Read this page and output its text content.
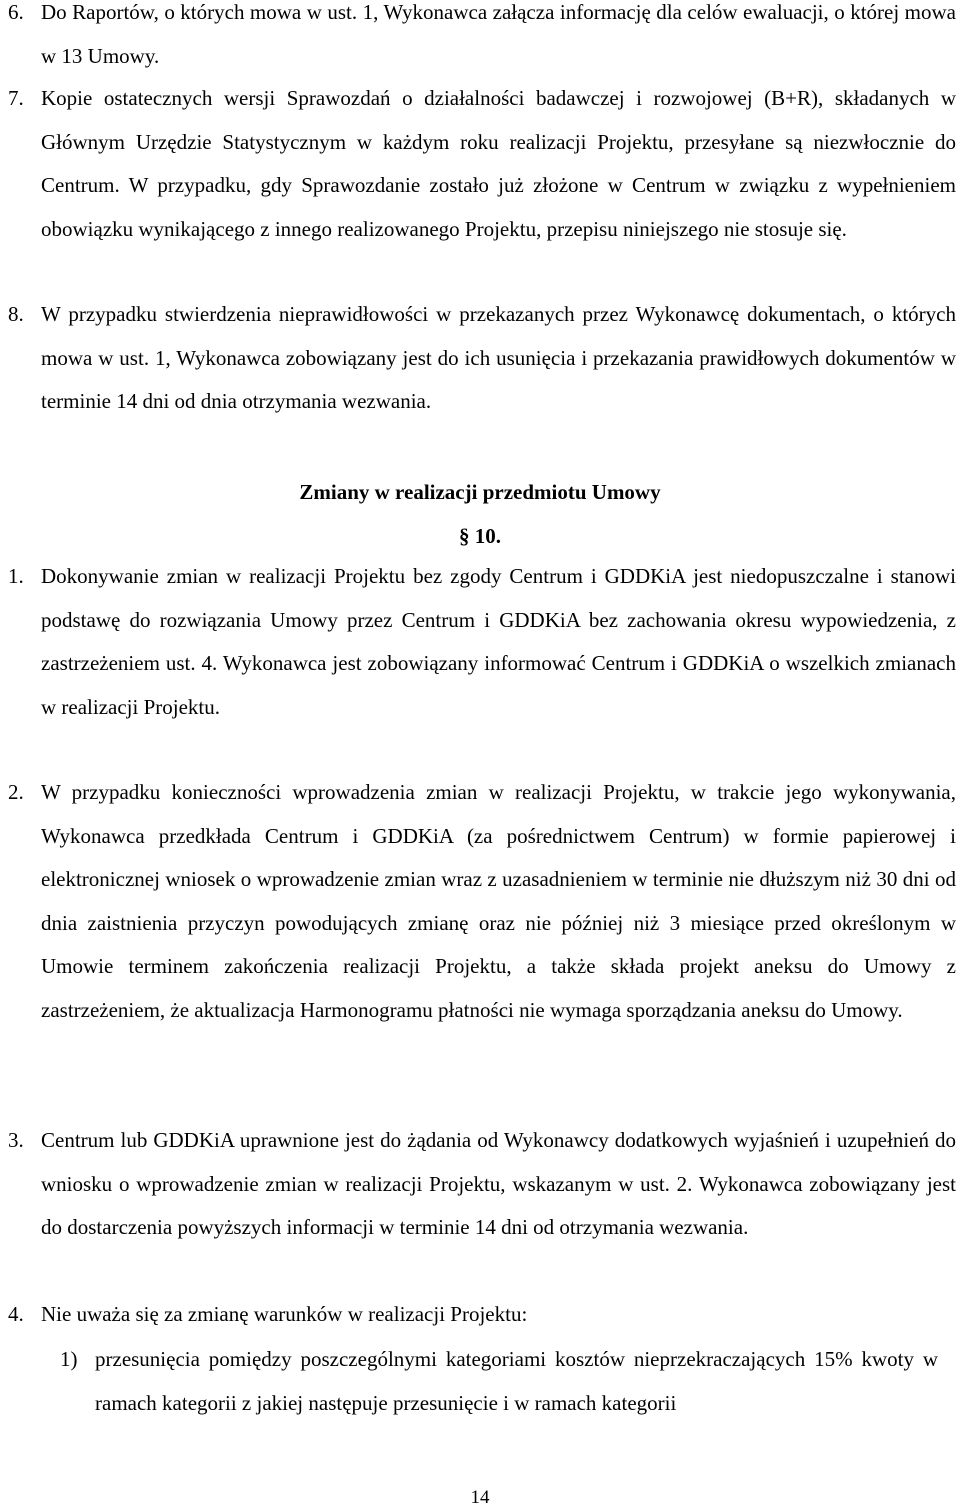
6. Do Raportów, o których mowa w ust. 1, Wykonawca załącza informację dla celów ewaluacji, o której mowa w 13 Umowy.
7. Kopie ostatecznych wersji Sprawozdań o działalności badawczej i rozwojowej (B+R), składanych w Głównym Urzędzie Statystycznym w każdym roku realizacji Projektu, przesyłane są niezwłocznie do Centrum. W przypadku, gdy Sprawozdanie zostało już złożone w Centrum w związku z wypełnieniem obowiązku wynikającego z innego realizowanego Projektu, przepisu niniejszego nie stosuje się.
8. W przypadku stwierdzenia nieprawidłowości w przekazanych przez Wykonawcę dokumentach, o których mowa w ust. 1, Wykonawca zobowiązany jest do ich usunięcia i przekazania prawidłowych dokumentów w terminie 14 dni od dnia otrzymania wezwania.
Zmiany w realizacji przedmiotu Umowy
§ 10.
1. Dokonywanie zmian w realizacji Projektu bez zgody Centrum i GDDKiA jest niedopuszczalne i stanowi podstawę do rozwiązania Umowy przez Centrum i GDDKiA bez zachowania okresu wypowiedzenia, z zastrzeżeniem ust. 4. Wykonawca jest zobowiązany informować Centrum i GDDKiA o wszelkich zmianach w realizacji Projektu.
2. W przypadku konieczności wprowadzenia zmian w realizacji Projektu, w trakcie jego wykonywania, Wykonawca przedkłada Centrum i GDDKiA (za pośrednictwem Centrum) w formie papierowej i elektronicznej wniosek o wprowadzenie zmian wraz z uzasadnieniem w terminie nie dłuższym niż 30 dni od dnia zaistnienia przyczyn powodujących zmianę oraz nie później niż 3 miesiące przed określonym w Umowie terminem zakończenia realizacji Projektu, a także składa projekt aneksu do Umowy z zastrzeżeniem, że aktualizacja Harmonogramu płatności nie wymaga sporządzania aneksu do Umowy.
3. Centrum lub GDDKiA uprawnione jest do żądania od Wykonawcy dodatkowych wyjaśnień i uzupełnień do wniosku o wprowadzenie zmian w realizacji Projektu, wskazanym w ust. 2. Wykonawca zobowiązany jest do dostarczenia powyższych informacji w terminie 14 dni od otrzymania wezwania.
4. Nie uważa się za zmianę warunków w realizacji Projektu:
1) przesunięcia pomiędzy poszczególnymi kategoriami kosztów nieprzekraczających 15% kwoty w ramach kategorii z jakiej następuje przesunięcie i w ramach kategorii
14
